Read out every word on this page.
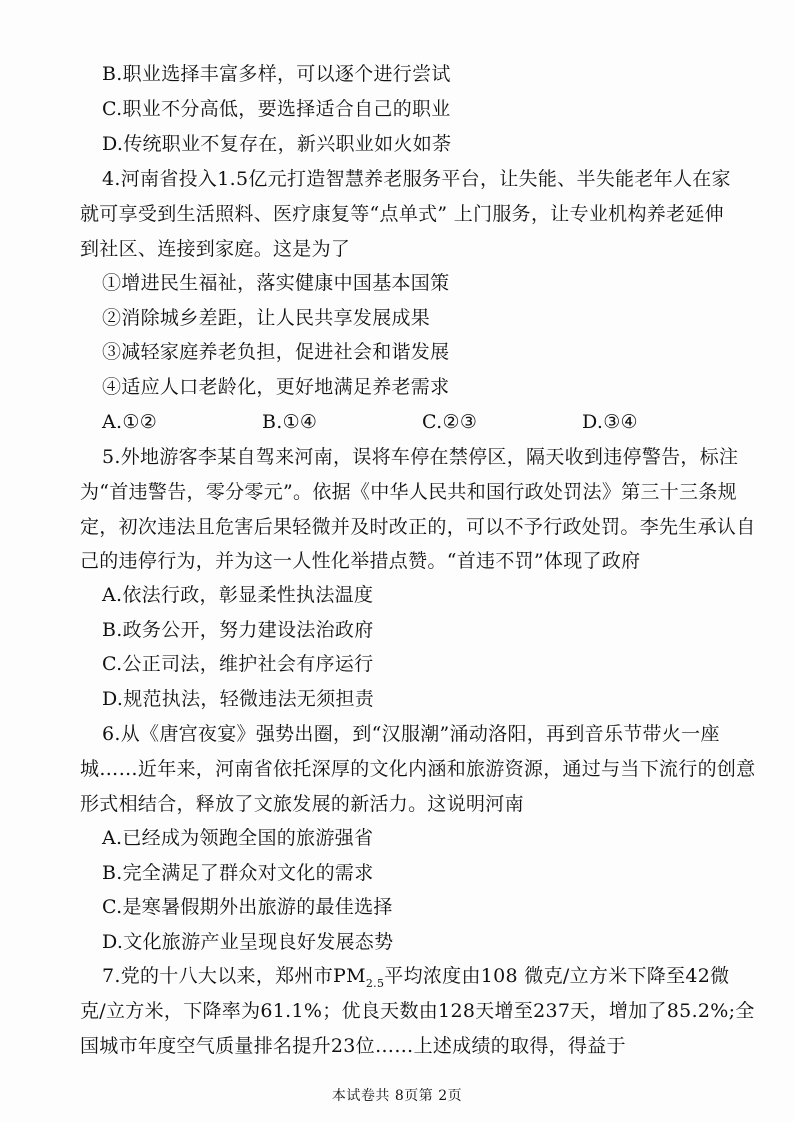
B.职业选择丰富多样，可以逐个进行尝试
C.职业不分高低，要选择适合自己的职业
D.传统职业不复存在，新兴职业如火如荼
4.河南省投入1.5亿元打造智慧养老服务平台，让失能、半失能老年人在家
就可享受到生活照料、医疗康复等“点单式” 上门服务，让专业机构养老延伸
到社区、连接到家庭。这是为了
①增进民生福祉，落实健康中国基本国策
②消除城乡差距，让人民共享发展成果
③减轻家庭养老负担，促进社会和谐发展
④适应人口老龄化，更好地满足养老需求
A.①②	B.①④	C.②③	D.③④
5.外地游客李某自驾来河南，误将车停在禁停区，隔天收到违停警告，标注
为“首违警告，零分零元”。依据《中华人民共和国行政处罚法》第三十三条规
定，初次违法且危害后果轻微并及时改正的，可以不予行政处罚。李先生承认自
己的违停行为，并为这一人性化举措点赞。“首违不罚”体现了政府
A.依法行政，彰显柔性执法温度
B.政务公开，努力建设法治政府
C.公正司法，维护社会有序运行
D.规范执法，轻微违法无须担责
6.从《唐宫夜宴》强势出圈，到“汉服潮”涌动洛阳，再到音乐节带火一座
城……近年来，河南省依托深厚的文化内涵和旅游资源，通过与当下流行的创意
形式相结合，释放了文旅发展的新活力。这说明河南
A.已经成为领跑全国的旅游强省
B.完全满足了群众对文化的需求
C.是寒暑假期外出旅游的最佳选择
D.文化旅游产业呈现良好发展态势
7.党的十八大以来，郑州市$PM_{2.5}$平均浓度由108 微克/立方米下降至42微
克/立方米，下降率为61.1%；优良天数由128天增至237天，增加了85.2%;全
国城市年度空气质量排名提升23位……上述成绩的取得，得益于
本试卷共 8页第 2页
